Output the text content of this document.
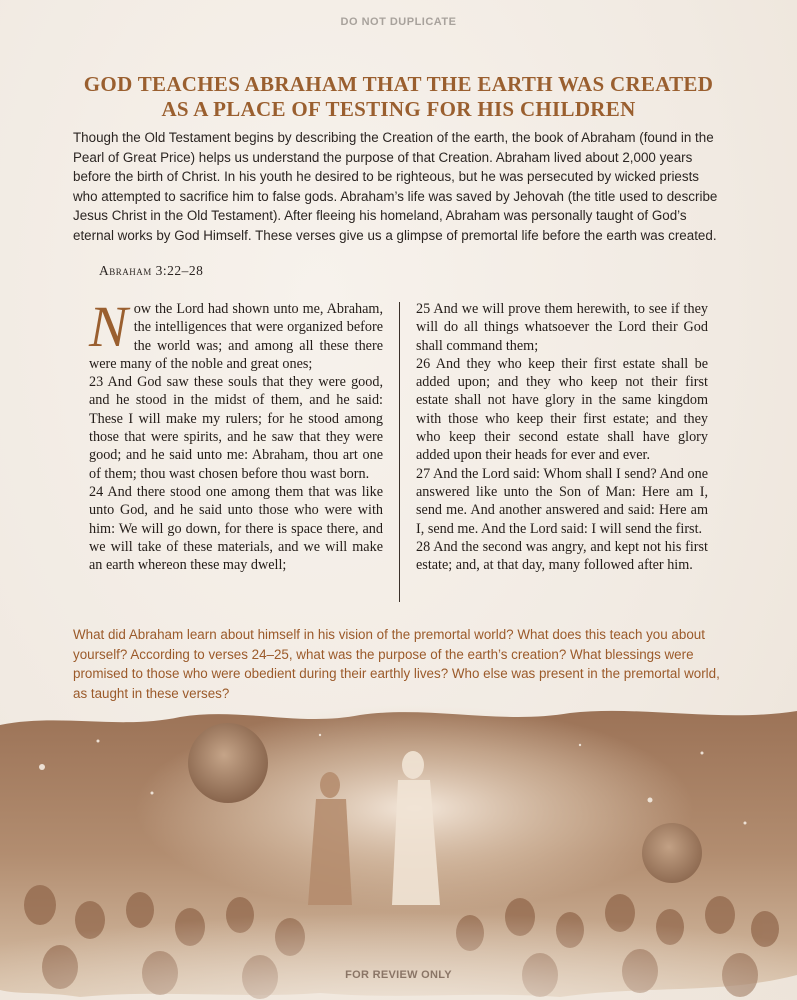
DO NOT DUPLICATE
GOD TEACHES ABRAHAM THAT THE EARTH WAS CREATED
AS A PLACE OF TESTING FOR HIS CHILDREN
Though the Old Testament begins by describing the Creation of the earth, the book of Abraham (found in the Pearl of Great Price) helps us understand the purpose of that Creation. Abraham lived about 2,000 years before the birth of Christ. In his youth he desired to be righteous, but he was persecuted by wicked priests who attempted to sacrifice him to false gods. Abraham’s life was saved by Jehovah (the title used to describe Jesus Christ in the Old Testament). After fleeing his homeland, Abraham was personally taught of God’s eternal works by God Himself. These verses give us a glimpse of premortal life before the earth was created.
Abraham 3:22–28

Now the Lord had shown unto me, Abraham, the intelligences that were organized before the world was; and among all these there were many of the noble and great ones;

23 And God saw these souls that they were good, and he stood in the midst of them, and he said: These I will make my rulers; for he stood among those that were spirits, and he saw that they were good; and he said unto me: Abraham, thou art one of them; thou wast chosen before thou wast born.

24 And there stood one among them that was like unto God, and he said unto those who were with him: We will go down, for there is space there, and we will take of these materials, and we will make an earth whereon these may dwell;

25 And we will prove them herewith, to see if they will do all things whatsoever the Lord their God shall command them;

26 And they who keep their first estate shall be added upon; and they who keep not their first estate shall not have glory in the same kingdom with those who keep their first estate; and they who keep their second estate shall have glory added upon their heads for ever and ever.

27 And the Lord said: Whom shall I send? And one answered like unto the Son of Man: Here am I, send me. And another answered and said: Here am I, send me. And the Lord said: I will send the first.

28 And the second was angry, and kept not his first estate; and, at that day, many followed after him.

What did Abraham learn about himself in his vision of the premortal world? What does this teach you about yourself? According to verses 24–25, what was the purpose of the earth’s creation? What blessings were promised to those who were obedient during their earthly lives? Who else was present in the premortal world, as taught in these verses?
FOR REVIEW ONLY
